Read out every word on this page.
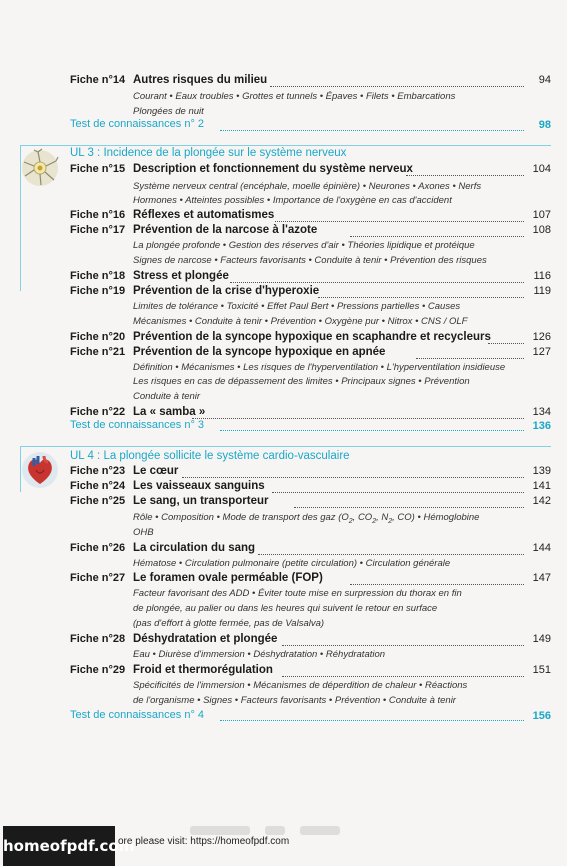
Fiche n°14 Autres risques du milieu	94
Courant • Eaux troubles • Grottes et tunnels • Épaves • Filets • Embarcations
Plongées de nuit
Test de connaissances n° 2	98
UL 3 : Incidence de la plongée sur le système nerveux
Fiche n°15 Description et fonctionnement du système nerveux	104
Système nerveux central (encéphale, moelle épinière) • Neurones • Axones • Nerfs
Hormones • Atteintes possibles • Importance de l'oxygène en cas d'accident
Fiche n°16 Réflexes et automatismes	107
Fiche n°17 Prévention de la narcose à l'azote	108
La plongée profonde • Gestion des réserves d'air • Théories lipidique et protéique
Signes de narcose • Facteurs favorisants • Conduite à tenir • Prévention des risques
Fiche n°18 Stress et plongée	116
Fiche n°19 Prévention de la crise d'hyperoxie	119
Limites de tolérance • Toxicité • Effet Paul Bert • Pressions partielles • Causes
Mécanismes • Conduite à tenir • Prévention • Oxygène pur • Nitrox • CNS / OLF
Fiche n°20 Prévention de la syncope hypoxique en scaphandre et recycleurs	126
Fiche n°21 Prévention de la syncope hypoxique en apnée	127
Définition • Mécanismes • Les risques de l'hyperventilation • L'hyperventilation insidieuse
Les risques en cas de dépassement des limites • Principaux signes • Prévention
Conduite à tenir
Fiche n°22 La « samba »	134
Test de connaissances n° 3	136
UL 4 : La plongée sollicite le système cardio-vasculaire
Fiche n°23 Le cœur	139
Fiche n°24 Les vaisseaux sanguins	141
Fiche n°25 Le sang, un transporteur	142
Rôle • Composition • Mode de transport des gaz ($O_2$, $CO_2$, $N_2$, CO) • Hémoglobine
OHB
Fiche n°26 La circulation du sang	144
Hématose • Circulation pulmonaire (petite circulation) • Circulation générale
Fiche n°27 Le foramen ovale perméable (FOP)	147
Facteur favorisant des ADD • Éviter toute mise en surpression du thorax en fin
de plongée, au palier ou dans les heures qui suivent le retour en surface
(pas d'effort à glotte fermée, pas de Valsalva)
Fiche n°28 Déshydratation et plongée	149
Eau • Diurèse d'immersion • Déshydratation • Réhydratation
Fiche n°29 Froid et thermorégulation	151
Spécificités de l'immersion • Mécanismes de déperdition de chaleur • Réactions
de l'organisme • Signes • Facteurs favorisants • Prévention • Conduite à tenir
Test de connaissances n° 4	156
homeofpdf.com
ore please visit: https://homeofpdf.com
